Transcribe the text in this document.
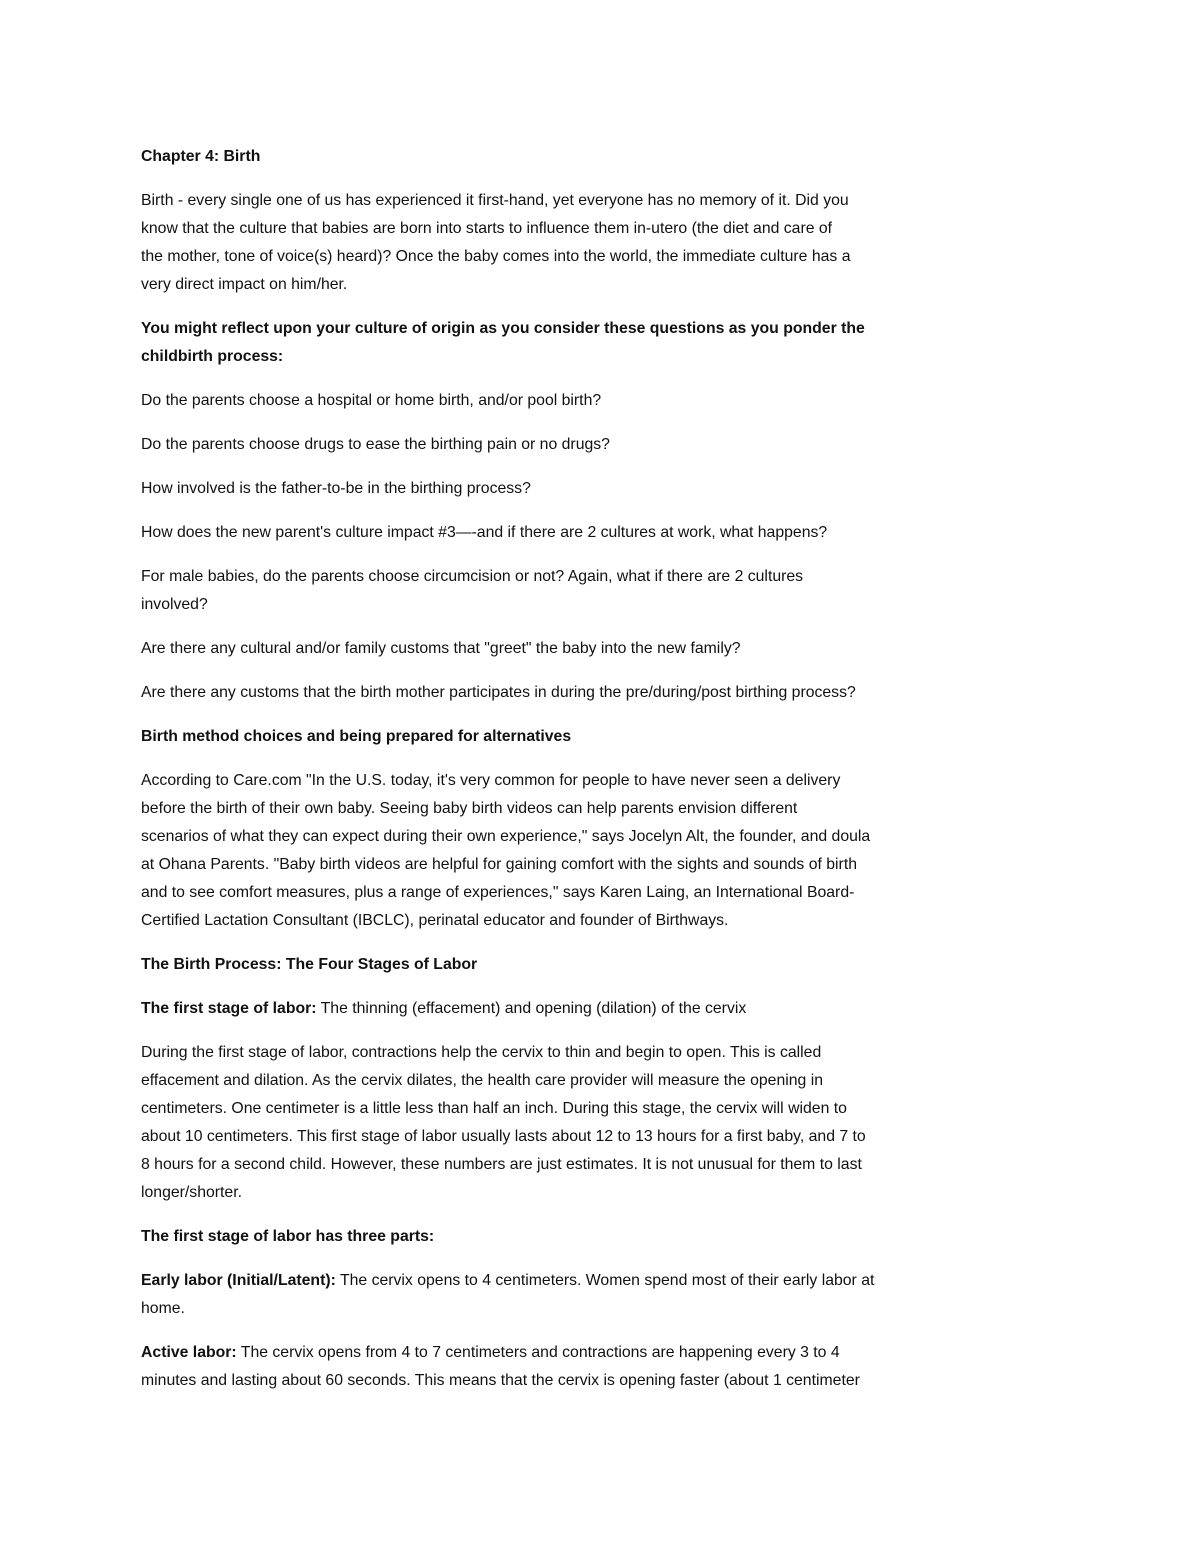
Chapter 4: Birth
Birth - every single one of us has experienced it first-hand, yet everyone has no memory of it. Did you
know that the culture that babies are born into starts to influence them in-utero (the diet and care of
the mother, tone of voice(s) heard)? Once the baby comes into the world, the immediate culture has a
very direct impact on him/her.
You might reflect upon your culture of origin as you consider these questions as you ponder the
childbirth process:
Do the parents choose a hospital or home birth, and/or pool birth?
Do the parents choose drugs to ease the birthing pain or no drugs?
How involved is the father-to-be in the birthing process?
How does the new parent's culture impact #3—-and if there are 2 cultures at work, what happens?
For male babies, do the parents choose circumcision or not? Again, what if there are 2 cultures
involved?
Are there any cultural and/or family customs that "greet" the baby into the new family?
Are there any customs that the birth mother participates in during the pre/during/post birthing process?
Birth method choices and being prepared for alternatives
According to Care.com "In the U.S. today, it's very common for people to have never seen a delivery
before the birth of their own baby. Seeing baby birth videos can help parents envision different
scenarios of what they can expect during their own experience," says Jocelyn Alt, the founder, and doula
at Ohana Parents. "Baby birth videos are helpful for gaining comfort with the sights and sounds of birth
and to see comfort measures, plus a range of experiences," says Karen Laing, an International Board-
Certified Lactation Consultant (IBCLC), perinatal educator and founder of Birthways.
The Birth Process: The Four Stages of Labor
The first stage of labor: The thinning (effacement) and opening (dilation) of the cervix
During the first stage of labor, contractions help the cervix to thin and begin to open. This is called
effacement and dilation. As the cervix dilates, the health care provider will measure the opening in
centimeters. One centimeter is a little less than half an inch. During this stage, the cervix will widen to
about 10 centimeters. This first stage of labor usually lasts about 12 to 13 hours for a first baby, and 7 to
8 hours for a second child. However, these numbers are just estimates. It is not unusual for them to last
longer/shorter.
The first stage of labor has three parts:
Early labor (Initial/Latent): The cervix opens to 4 centimeters. Women spend most of their early labor at
home.
Active labor: The cervix opens from 4 to 7 centimeters and contractions are happening every 3 to 4
minutes and lasting about 60 seconds. This means that the cervix is opening faster (about 1 centimeter
